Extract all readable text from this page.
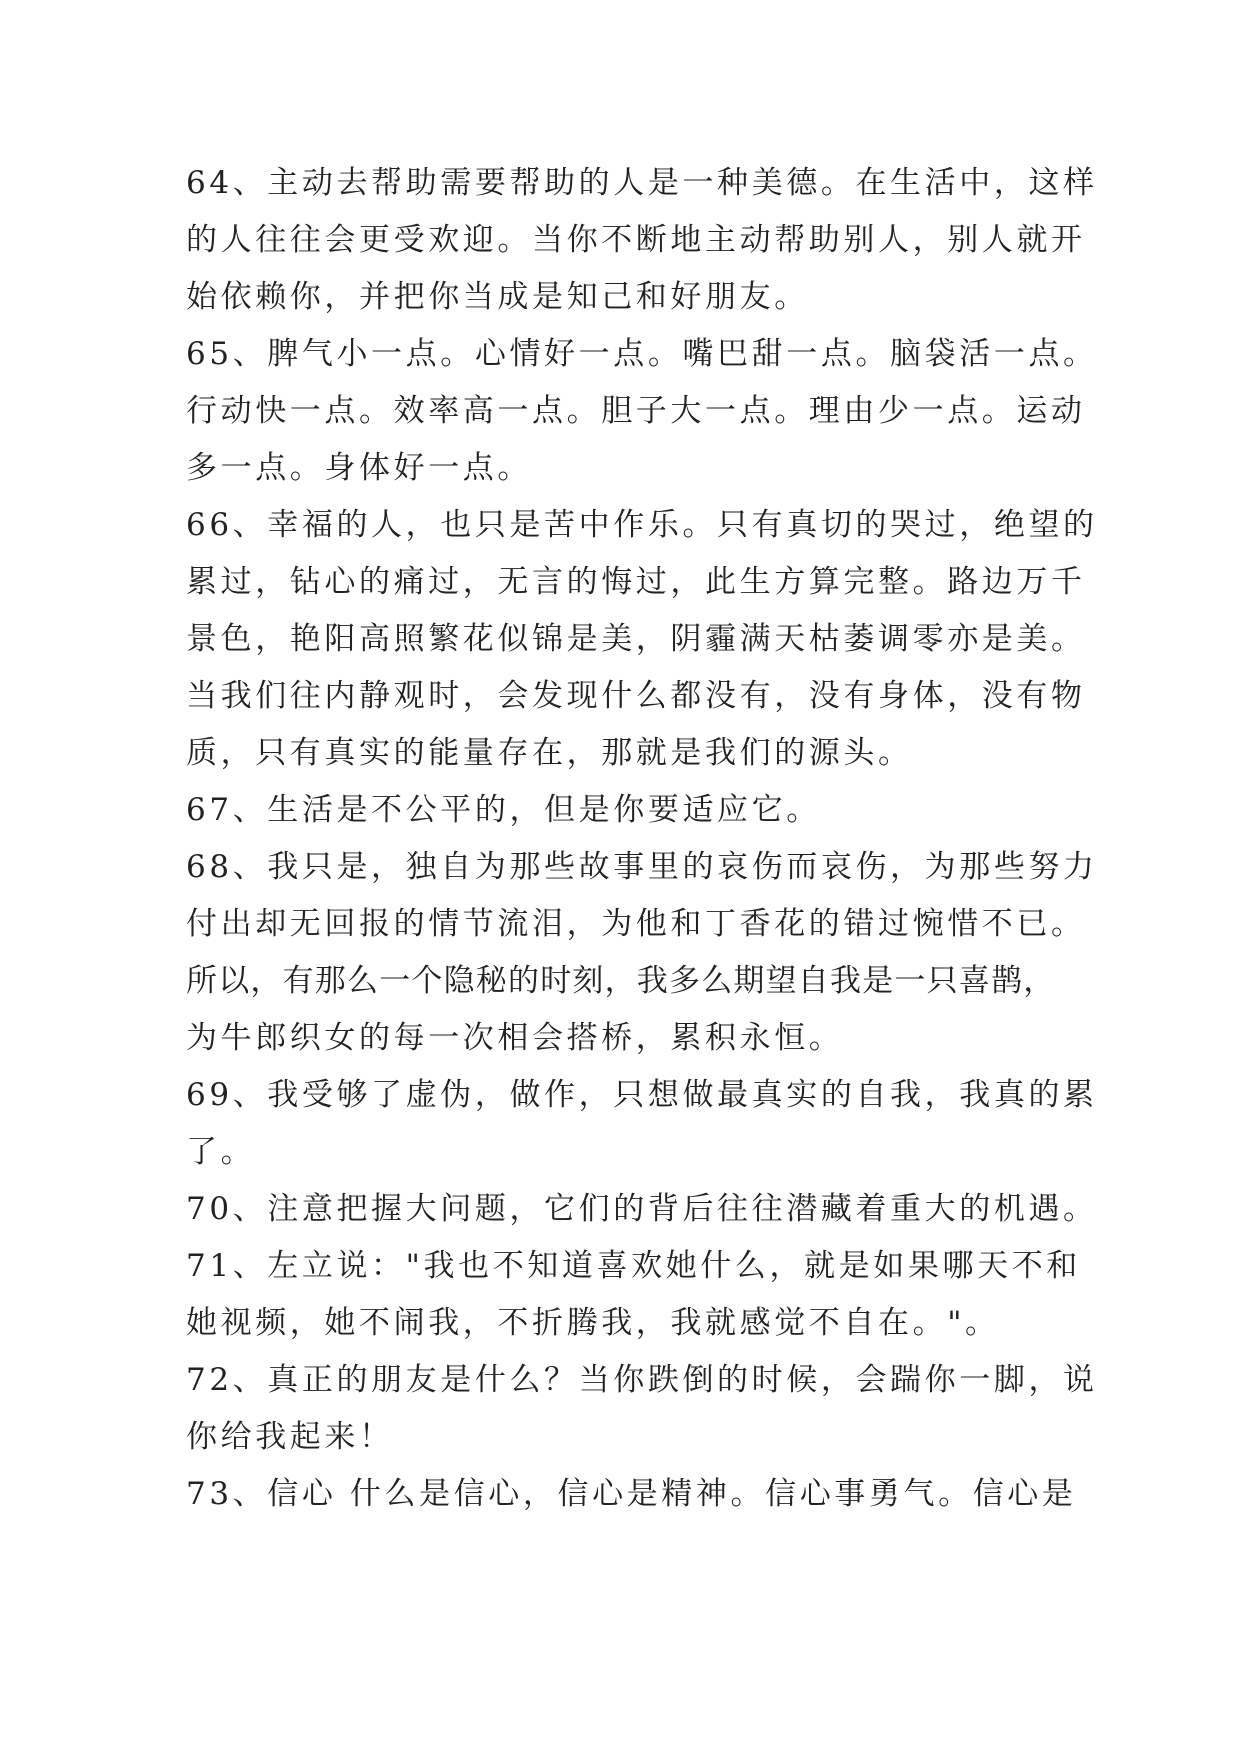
64、主动去帮助需要帮助的人是一种美德。在生活中，这样
的人往往会更受欢迎。当你不断地主动帮助别人，别人就开
始依赖你，并把你当成是知己和好朋友。
65、脾气小一点。心情好一点。嘴巴甜一点。脑袋活一点。
行动快一点。效率高一点。胆子大一点。理由少一点。运动
多一点。身体好一点。
66、幸福的人，也只是苦中作乐。只有真切的哭过，绝望的
累过，钻心的痛过，无言的悔过，此生方算完整。路边万千
景色，艳阳高照繁花似锦是美，阴霾满天枯萎调零亦是美。
当我们往内静观时，会发现什么都没有，没有身体，没有物
质，只有真实的能量存在，那就是我们的源头。
67、生活是不公平的，但是你要适应它。
68、我只是，独自为那些故事里的哀伤而哀伤，为那些努力
付出却无回报的情节流泪，为他和丁香花的错过惋惜不已。
所以，有那么一个隐秘的时刻，我多么期望自我是一只喜鹊，
为牛郎织女的每一次相会搭桥，累积永恒。
69、我受够了虚伪，做作，只想做最真实的自我，我真的累
了。
70、注意把握大问题，它们的背后往往潜藏着重大的机遇。
71、左立说："我也不知道喜欢她什么，就是如果哪天不和
她视频，她不闹我，不折腾我，我就感觉不自在。"。
72、真正的朋友是什么？当你跌倒的时候，会踹你一脚，说
你给我起来！
73、信心 什么是信心，信心是精神。信心事勇气。信心是
